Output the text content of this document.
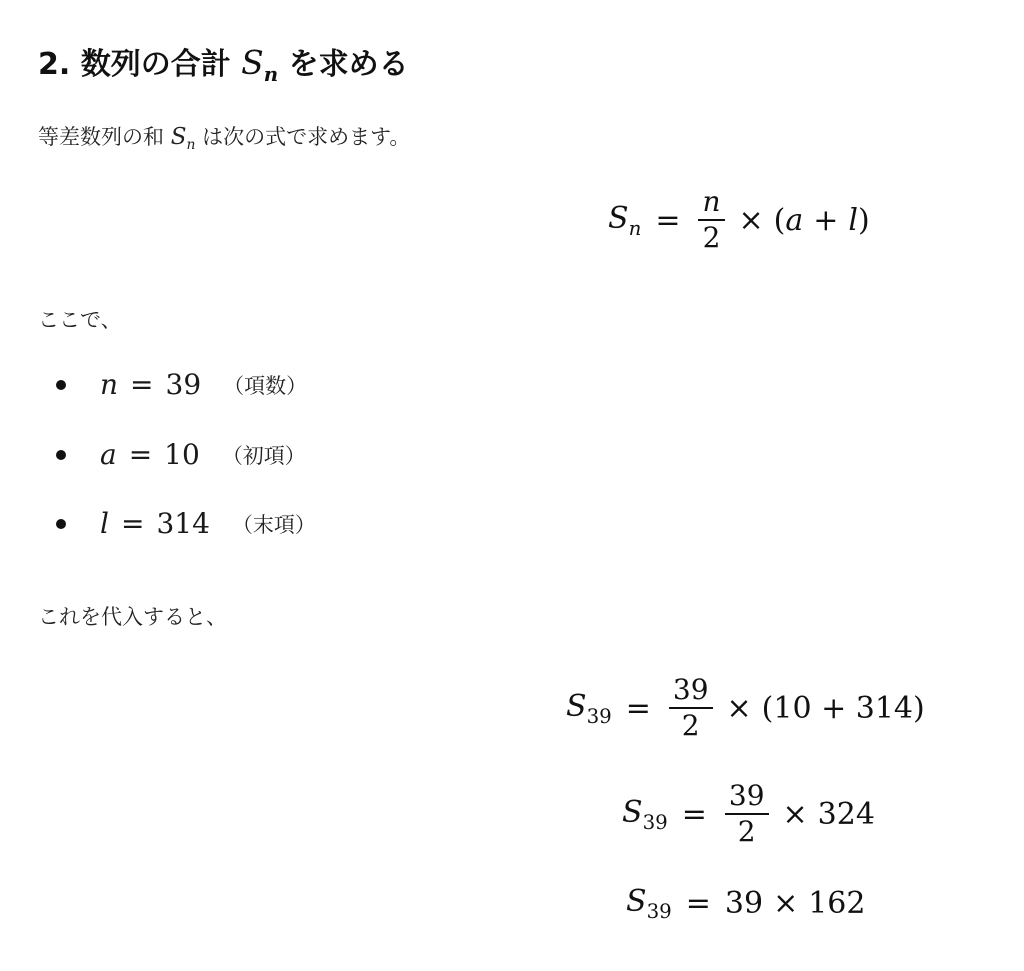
2. 数列の合計 $S_n$ を求める
等差数列の和 $S_n$ は次の式で求めます。
$S_n = \frac{n}{2} \times (a + l)$
ここで、
n = 39 （項数）
a = 10 （初項）
l = 314 （末項）
これを代入すると、
$S_{39} = \frac{39}{2} \times (10 + 314)$
$S_{39} = \frac{39}{2} \times 324$
$S_{39} = 39 \times 162$
